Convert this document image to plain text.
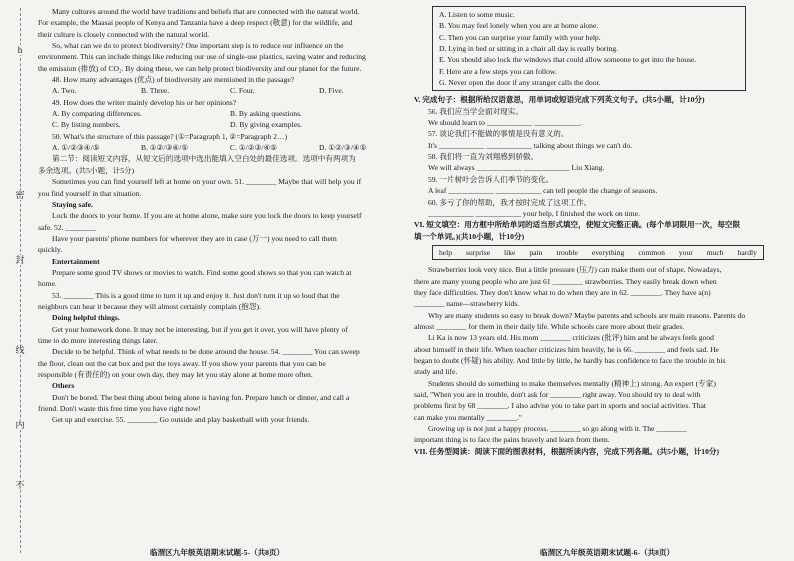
h
密
封
线
内
不

Many cultures around the world have traditions and beliefs that are connected with the natural world.

For example, the Maasai people of Kenya and Tanzania have a deep respect (敬意) for the wildlife, and

their culture is closely connected with the natural world.

So, what can we do to protect biodiversity? One important step is to reduce our influence on the

environment. This can include things like reducing our use of single-use plastics, saving water and reducing

the emission (排放) of CO₂. By doing these, we can help protect biodiversity and our planet for the future.

48. How many advantages (优点) of biodiversity are mentioned in the passage?

A. Two.	B. Three.	C. Four.	D. Five.

49. How does the writer mainly develop his or her opinions?

A. By comparing differences.	B. By asking questions.
C. By listing numbers.	D. By giving examples.

50. What's the structure of this passage? (①=Paragraph 1, ②=Paragraph 2…)

A. ①/②③④/⑤	B. ①②/③④/⑤	C. ①/②③/④⑤	D. ①②/③/④⑤

第二节：阅读短文内容，从短文后的选项中选出能填入空白处的最佳选项。选项中有两项为

多余选项。(共5小题，计5分)

Sometimes you can find yourself left at home on your own. 51. ________ Maybe that will help you if

you find yourself in that situation.

Staying safe.

Lock the doors to your home. If you are at home alone, make sure you lock the doors to keep yourself

safe. 52. ________

Have your parents' phone numbers for wherever they are in case (万一) you need to call them

quickly.

Entertainment

Prepare some good TV shows or movies to watch. Find some good shows so that you can watch at

home.

53. ________ This is a good time to turn it up and enjoy it. Just don't turn it up so loud that the

neighbors can hear it because they will almost certainly complain (抱怨).

Doing helpful things.

Get your homework done. It may not be interesting, but if you get it over, you will have plenty of

time to do more interesting things later.

Decide to be helpful. Think of what needs to be done around the house. 54. ________ You can sweep

the floor, clean out the cat box and put the toys away. If you show your parents that you can be

responsible (有责任的) on your own day, they may let you stay alone at home more often.

Others

Don't be bored. The best thing about being alone is having fun. Prepare lunch or dinner, and call a

friend. Don't waste this free time you have right now!

Get up and exercise. 55. ________ Go outside and play basketball with your friends.

临渭区九年级英语期末试题-5-（共8页）

A. Listen to some music.

B. You may feel lonely when you are at home alone.

C. Then you can surprise your family with your help.

D. Lying in bed or sitting in a chair all day is really boring.

E. You should also lock the windows that could allow someone to get into the house.

F. Here are a few steps you can follow.

G. Never open the door if any stranger calls the door.

V. 完成句子：根据所给汉语意思，用单词或短语完成下列英文句子。(共5小题，计10分)

56. 我们应当学会面对现实。

We should learn to ____________ ____________.

57. 谈论我们不能做的事情是没有意义的。

It's ____________ ____________ talking about things we can't do.

58. 我们将一直为刘翔感到骄傲。

We will always ____________ ____________ Liu Xiang.

59. 一片树叶会告诉人们季节的变化。

A leaf ____________ ____________ can tell people the change of seasons.

60. 多亏了你的帮助，我才按时完成了这项工作。

____________ ____________ your help, I finished the work on time.

VI. 短文填空：用方框中所给单词的适当形式填空，使短文完整正确。(每个单词限用一次，每空限

填一个单词。)(共10小题，计10分)

help surprise like pain trouble everything common your much hardly

Strawberries look very nice. But a little pressure (压力) can make them out of shape. Nowadays,

there are many young people who are just 61 ________ strawberries. They easily break down when

they face difficulties. They don't know what to do when they are in 62. ________. They have a(n)

________ name—strawberry kids.

Why are many students so easy to break down? Maybe parents and schools are main reasons. Parents do

almost ________ for them in their daily life. While schools care more about their grades.

Li Ka is now 13 years old. His mom ________ criticizes (批评) him and he always feels good

about himself in their life. When teacher criticizes him heavily, he is 66. ________ and feels sad. He

began to doubt (怀疑) his ability. And little by little, he hardly has confidence to face the trouble in his

study and life.

Students should do something to make themselves mentally (精神上) strong. An expert (专家)

said, "When you are in trouble, don't ask for ________ right away. You should try to deal with

problems first by 68 ________. I also advise you to take part in sports and social activities. That

can make you mentally ________."

Growing up is not just a happy process. ________ so go along with it. The ________

important thing is to face the pains bravely and learn from them.

VII. 任务型阅读：阅读下面的图表材料，根据所读内容，完成下列各题。(共5小题，计10分)

临渭区九年级英语期末试题-6-（共8页）
